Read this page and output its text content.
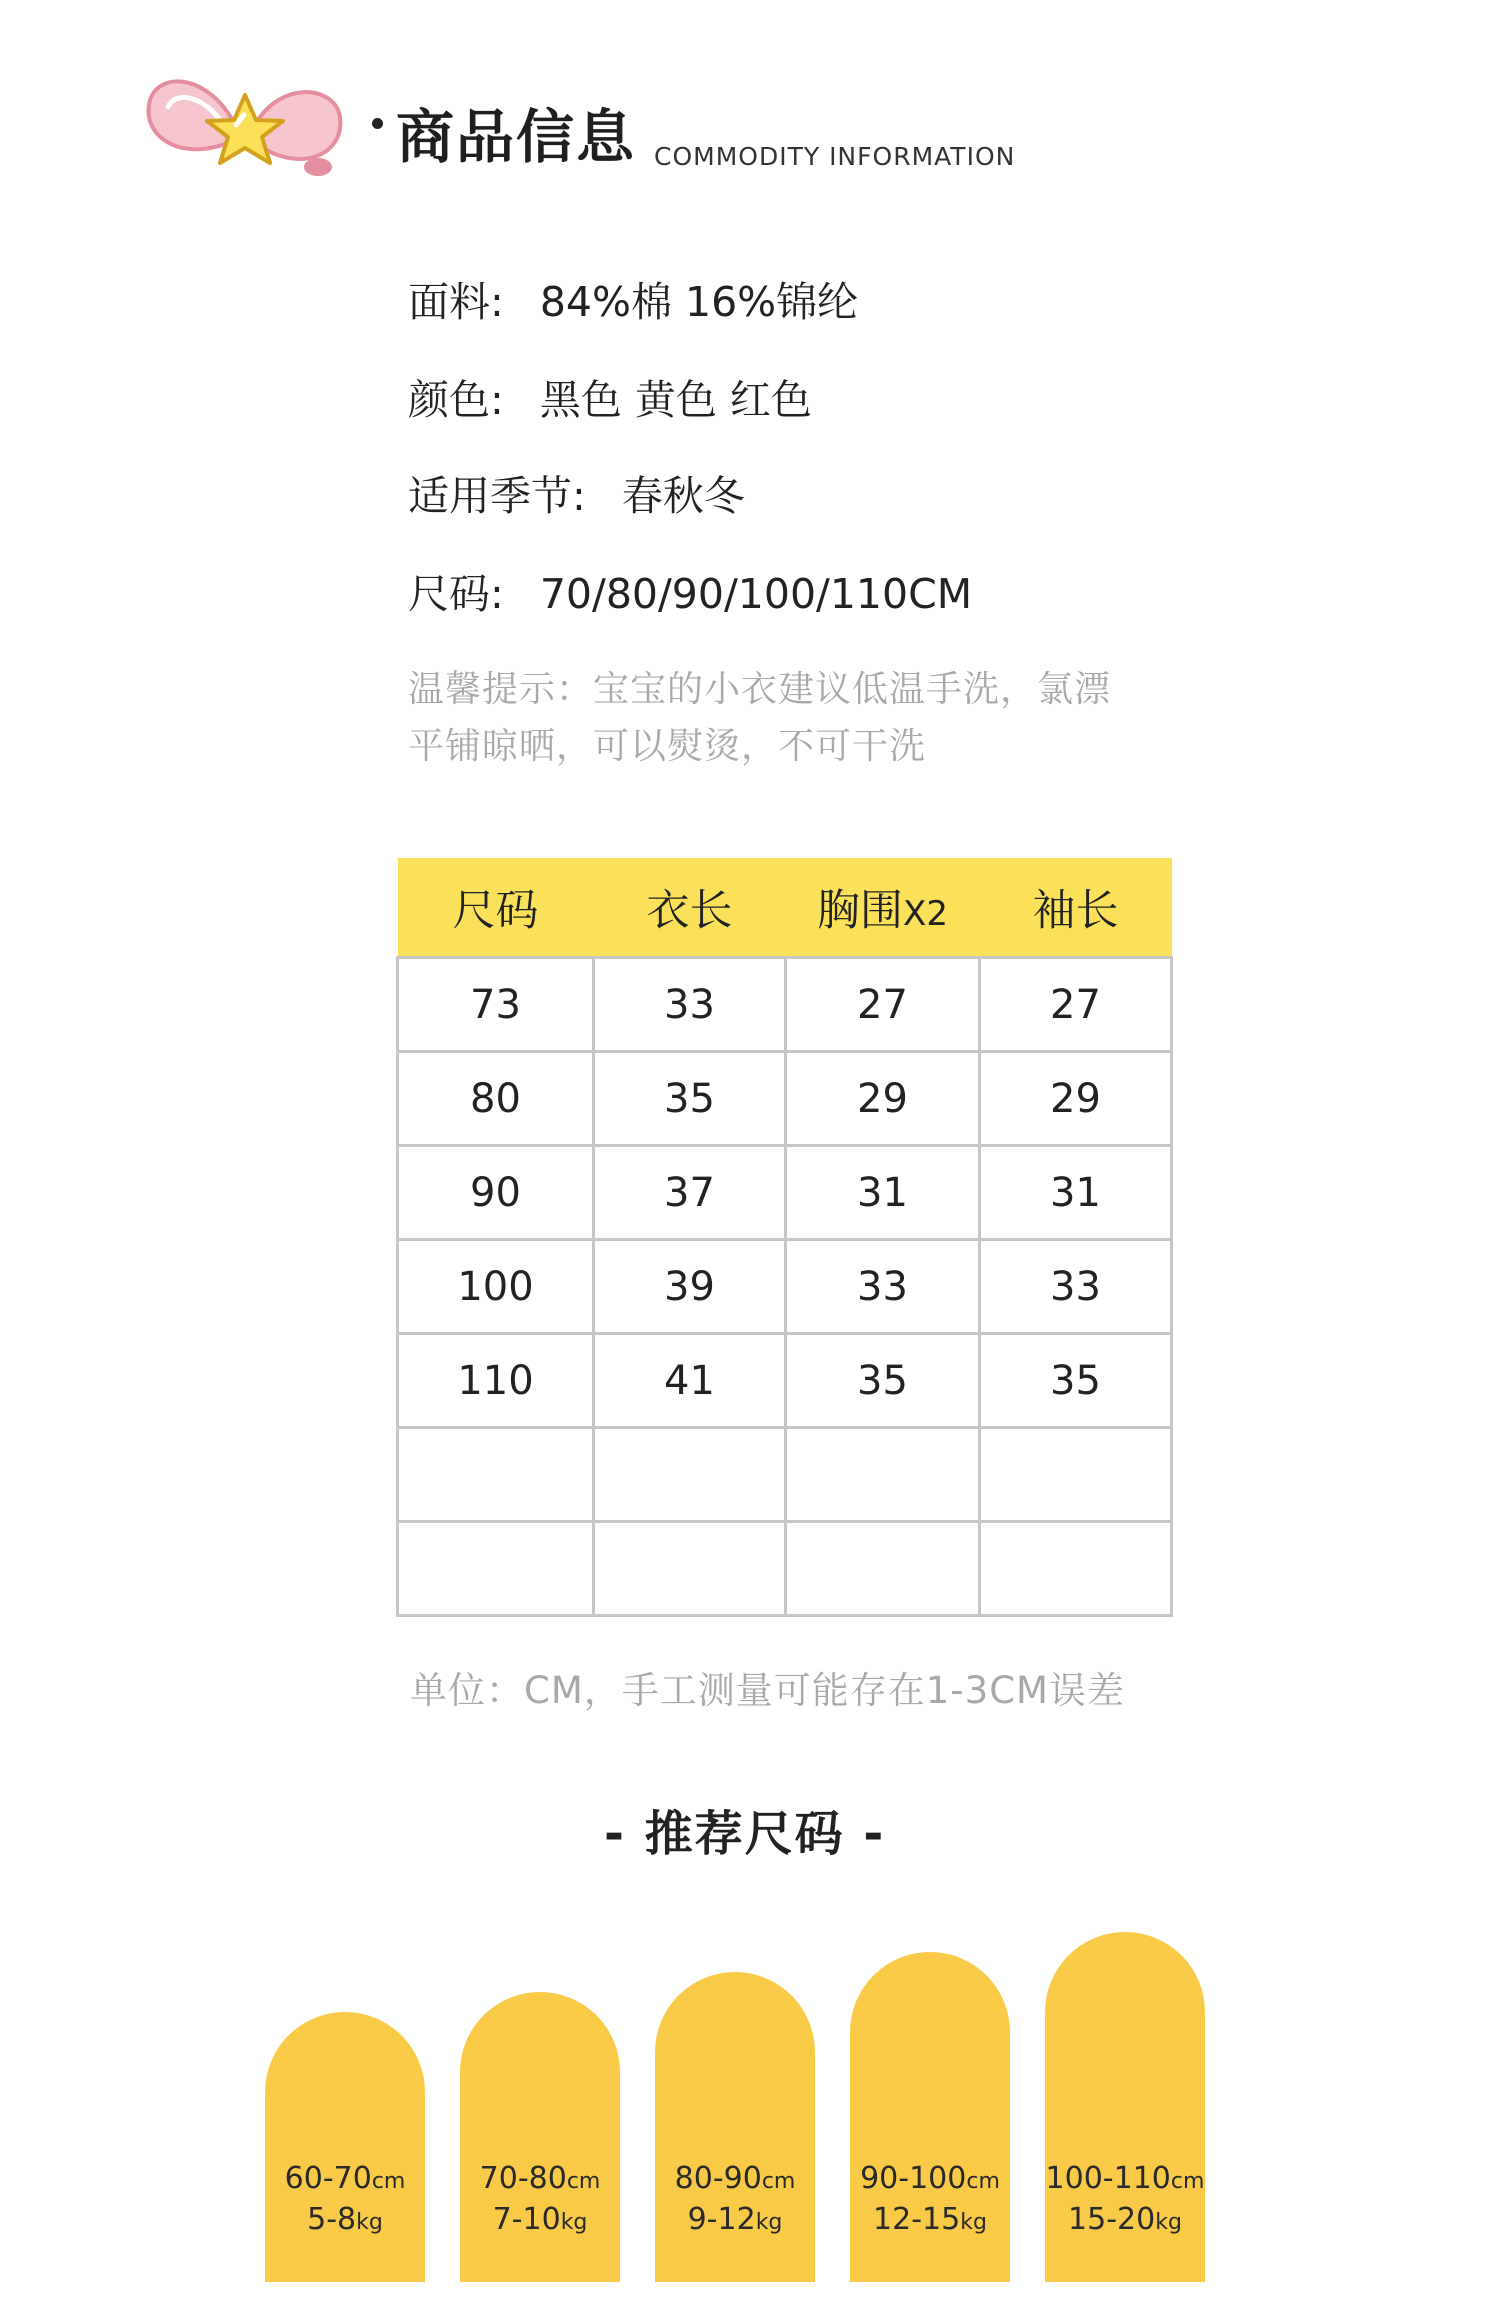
商品信息 COMMODITY INFORMATION
面料: 84%棉 16%锦纶
颜色: 黑色 黄色 红色
适用季节: 春秋冬
尺码: 70/80/90/100/110CM
温馨提示：宝宝的小衣建议低温手洗，氯漂
平铺晾晒，可以熨烫，不可干洗
尺码	衣长	胸围X2	袖长
73	33	27	27
80	35	29	29
90	37	31	31
100	39	33	33
110	41	35	35

单位：CM，手工测量可能存在1-3CM误差
- 推荐尺码 -
60-70cm
5-8kg
70-80cm
7-10kg
80-90cm
9-12kg
90-100cm
12-15kg
100-110cm
15-20kg
